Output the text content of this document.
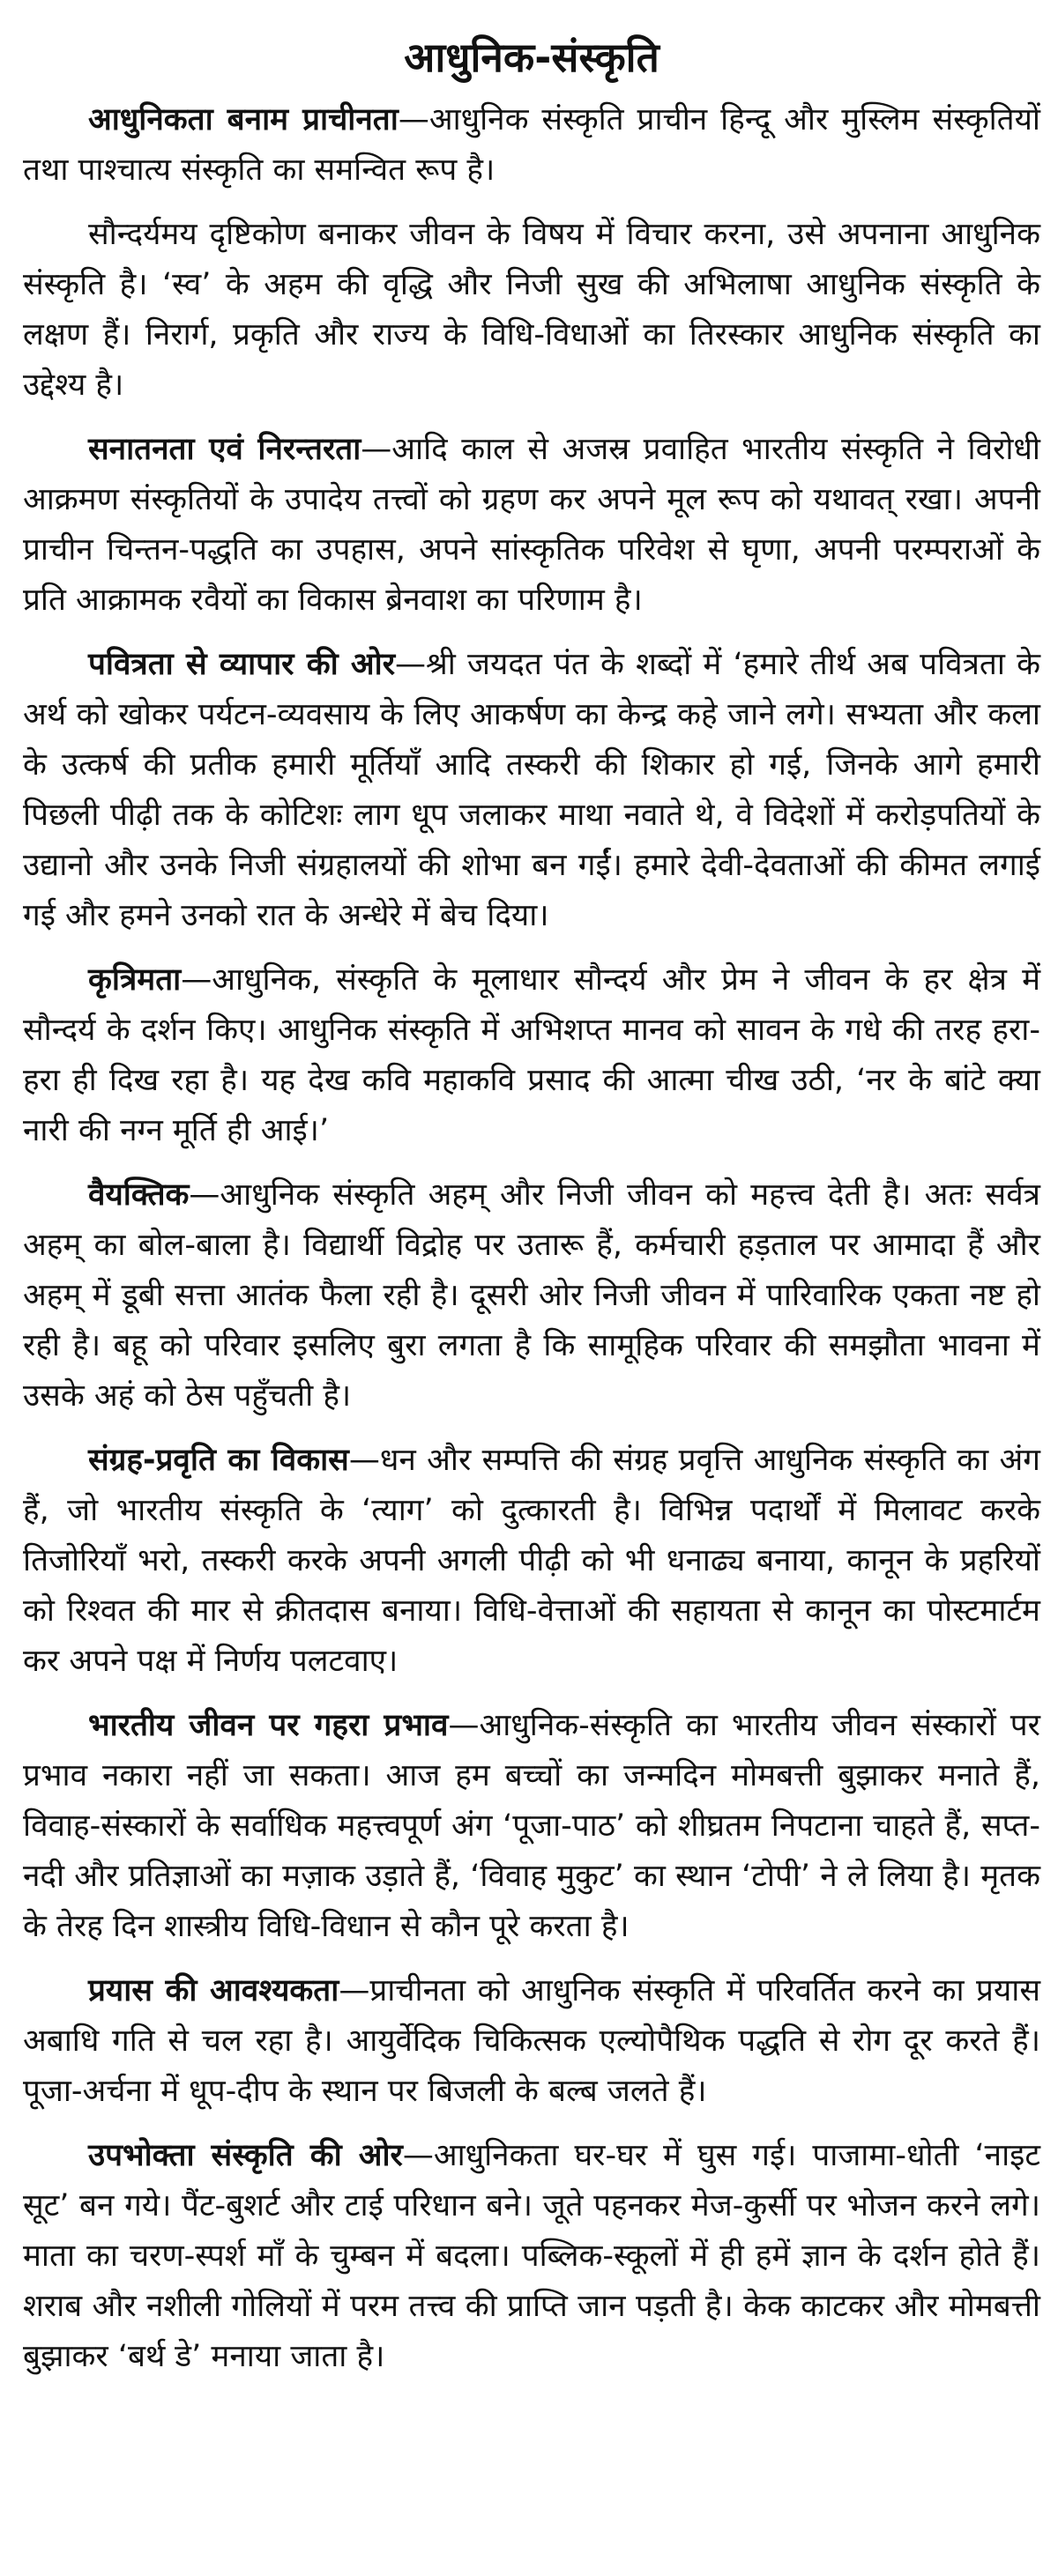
आधुनिक-संस्कृति

आधुनिकता बनाम प्राचीनता—आधुनिक संस्कृति प्राचीन हिन्दू और मुस्लिम संस्कृतियों तथा पाश्चात्य संस्कृति का समन्वित रूप है।

सौन्दर्यमय दृष्टिकोण बनाकर जीवन के विषय में विचार करना, उसे अपनाना आधुनिक संस्कृति है। ‘स्व’ के अहम की वृद्धि और निजी सुख की अभिलाषा आधुनिक संस्कृति के लक्षण हैं। निरार्ग, प्रकृति और राज्य के विधि-विधाओं का तिरस्कार आधुनिक संस्कृति का उद्देश्य है।

सनातनता एवं निरन्तरता—आदि काल से अजस्र प्रवाहित भारतीय संस्कृति ने विरोधी आक्रमण संस्कृतियों के उपादेय तत्त्वों को ग्रहण कर अपने मूल रूप को यथावत् रखा। अपनी प्राचीन चिन्तन-पद्धति का उपहास, अपने सांस्कृतिक परिवेश से घृणा, अपनी परम्पराओं के प्रति आक्रामक रवैयों का विकास ब्रेनवाश का परिणाम है।

पवित्रता से व्यापार की ओर—श्री जयदत पंत के शब्दों में ‘हमारे तीर्थ अब पवित्रता के अर्थ को खोकर पर्यटन-व्यवसाय के लिए आकर्षण का केन्द्र कहे जाने लगे। सभ्यता और कला के उत्कर्ष की प्रतीक हमारी मूर्तियाँ आदि तस्करी की शिकार हो गई, जिनके आगे हमारी पिछली पीढ़ी तक के कोटिशः लाग धूप जलाकर माथा नवाते थे, वे विदेशों में करोड़पतियों के उद्यानो और उनके निजी संग्रहालयों की शोभा बन गईं। हमारे देवी-देवताओं की कीमत लगाई गई और हमने उनको रात के अन्धेरे में बेच दिया।

कृत्रिमता—आधुनिक, संस्कृति के मूलाधार सौन्दर्य और प्रेम ने जीवन के हर क्षेत्र में सौन्दर्य के दर्शन किए। आधुनिक संस्कृति में अभिशप्त मानव को सावन के गधे की तरह हरा-हरा ही दिख रहा है। यह देख कवि महाकवि प्रसाद की आत्मा चीख उठी, ‘नर के बांटे क्या नारी की नग्न मूर्ति ही आई।’

वैयक्तिक—आधुनिक संस्कृति अहम् और निजी जीवन को महत्त्व देती है। अतः सर्वत्र अहम् का बोल-बाला है। विद्यार्थी विद्रोह पर उतारू हैं, कर्मचारी हड़ताल पर आमादा हैं और अहम् में डूबी सत्ता आतंक फैला रही है। दूसरी ओर निजी जीवन में पारिवारिक एकता नष्ट हो रही है। बहू को परिवार इसलिए बुरा लगता है कि सामूहिक परिवार की समझौता भावना में उसके अहं को ठेस पहुँचती है।

संग्रह-प्रवृति का विकास—धन और सम्पत्ति की संग्रह प्रवृत्ति आधुनिक संस्कृति का अंग हैं, जो भारतीय संस्कृति के ‘त्याग’ को दुत्कारती है। विभिन्न पदार्थों में मिलावट करके तिजोरियाँ भरो, तस्करी करके अपनी अगली पीढ़ी को भी धनाढ्य बनाया, कानून के प्रहरियों को रिश्वत की मार से क्रीतदास बनाया। विधि-वेत्ताओं की सहायता से कानून का पोस्टमार्टम कर अपने पक्ष में निर्णय पलटवाए।

भारतीय जीवन पर गहरा प्रभाव—आधुनिक-संस्कृति का भारतीय जीवन संस्कारों पर प्रभाव नकारा नहीं जा सकता। आज हम बच्चों का जन्मदिन मोमबत्ती बुझाकर मनाते हैं, विवाह-संस्कारों के सर्वाधिक महत्त्वपूर्ण अंग ‘पूजा-पाठ’ को शीघ्रतम निपटाना चाहते हैं, सप्त-नदी और प्रतिज्ञाओं का मज़ाक उड़ाते हैं, ‘विवाह मुकुट’ का स्थान ‘टोपी’ ने ले लिया है। मृतक के तेरह दिन शास्त्रीय विधि-विधान से कौन पूरे करता है।

प्रयास की आवश्यकता—प्राचीनता को आधुनिक संस्कृति में परिवर्तित करने का प्रयास अबाधि गति से चल रहा है। आयुर्वेदिक चिकित्सक एल्योपैथिक पद्धति से रोग दूर करते हैं। पूजा-अर्चना में धूप-दीप के स्थान पर बिजली के बल्ब जलते हैं।

उपभोक्ता संस्कृति की ओर—आधुनिकता घर-घर में घुस गई। पाजामा-धोती ‘नाइट सूट’ बन गये। पैंट-बुशर्ट और टाई परिधान बने। जूते पहनकर मेज-कुर्सी पर भोजन करने लगे। माता का चरण-स्पर्श माँ के चुम्बन में बदला। पब्लिक-स्कूलों में ही हमें ज्ञान के दर्शन होते हैं। शराब और नशीली गोलियों में परम तत्त्व की प्राप्ति जान पड़ती है। केक काटकर और मोमबत्ती बुझाकर ‘बर्थ डे’ मनाया जाता है।
